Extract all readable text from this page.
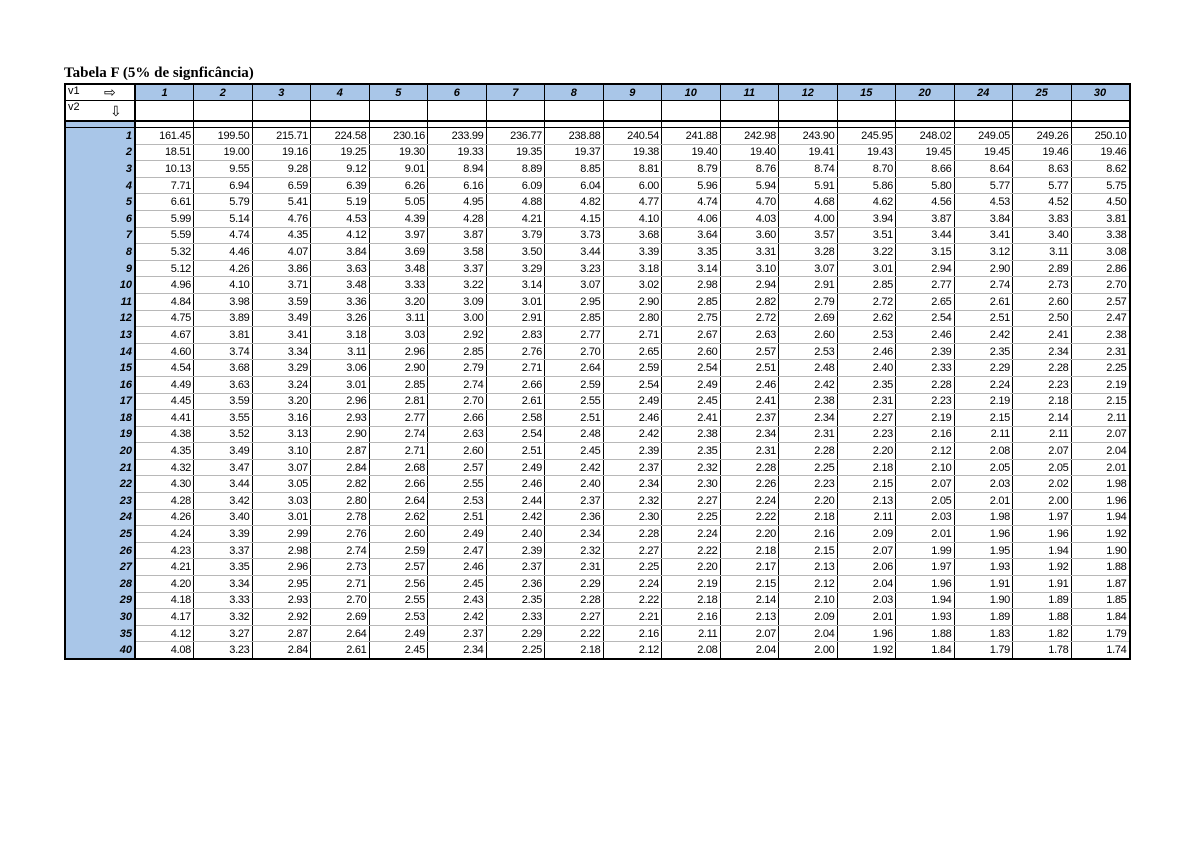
Tabela F (5% de signficância)
v1 ⇨	1	2	3	4	5	6	7	8	9	10	11	12	15	20	24	25	30

v2 ⇩																	

1	161.45	199.50	215.71	224.58	230.16	233.99	236.77	238.88	240.54	241.88	242.98	243.90	245.95	248.02	249.05	249.26	250.10
2	18.51	19.00	19.16	19.25	19.30	19.33	19.35	19.37	19.38	19.40	19.40	19.41	19.43	19.45	19.45	19.46	19.46
3	10.13	9.55	9.28	9.12	9.01	8.94	8.89	8.85	8.81	8.79	8.76	8.74	8.70	8.66	8.64	8.63	8.62
4	7.71	6.94	6.59	6.39	6.26	6.16	6.09	6.04	6.00	5.96	5.94	5.91	5.86	5.80	5.77	5.77	5.75
5	6.61	5.79	5.41	5.19	5.05	4.95	4.88	4.82	4.77	4.74	4.70	4.68	4.62	4.56	4.53	4.52	4.50
6	5.99	5.14	4.76	4.53	4.39	4.28	4.21	4.15	4.10	4.06	4.03	4.00	3.94	3.87	3.84	3.83	3.81
7	5.59	4.74	4.35	4.12	3.97	3.87	3.79	3.73	3.68	3.64	3.60	3.57	3.51	3.44	3.41	3.40	3.38
8	5.32	4.46	4.07	3.84	3.69	3.58	3.50	3.44	3.39	3.35	3.31	3.28	3.22	3.15	3.12	3.11	3.08
9	5.12	4.26	3.86	3.63	3.48	3.37	3.29	3.23	3.18	3.14	3.10	3.07	3.01	2.94	2.90	2.89	2.86
10	4.96	4.10	3.71	3.48	3.33	3.22	3.14	3.07	3.02	2.98	2.94	2.91	2.85	2.77	2.74	2.73	2.70
11	4.84	3.98	3.59	3.36	3.20	3.09	3.01	2.95	2.90	2.85	2.82	2.79	2.72	2.65	2.61	2.60	2.57
12	4.75	3.89	3.49	3.26	3.11	3.00	2.91	2.85	2.80	2.75	2.72	2.69	2.62	2.54	2.51	2.50	2.47
13	4.67	3.81	3.41	3.18	3.03	2.92	2.83	2.77	2.71	2.67	2.63	2.60	2.53	2.46	2.42	2.41	2.38
14	4.60	3.74	3.34	3.11	2.96	2.85	2.76	2.70	2.65	2.60	2.57	2.53	2.46	2.39	2.35	2.34	2.31
15	4.54	3.68	3.29	3.06	2.90	2.79	2.71	2.64	2.59	2.54	2.51	2.48	2.40	2.33	2.29	2.28	2.25
16	4.49	3.63	3.24	3.01	2.85	2.74	2.66	2.59	2.54	2.49	2.46	2.42	2.35	2.28	2.24	2.23	2.19
17	4.45	3.59	3.20	2.96	2.81	2.70	2.61	2.55	2.49	2.45	2.41	2.38	2.31	2.23	2.19	2.18	2.15
18	4.41	3.55	3.16	2.93	2.77	2.66	2.58	2.51	2.46	2.41	2.37	2.34	2.27	2.19	2.15	2.14	2.11
19	4.38	3.52	3.13	2.90	2.74	2.63	2.54	2.48	2.42	2.38	2.34	2.31	2.23	2.16	2.11	2.11	2.07
20	4.35	3.49	3.10	2.87	2.71	2.60	2.51	2.45	2.39	2.35	2.31	2.28	2.20	2.12	2.08	2.07	2.04
21	4.32	3.47	3.07	2.84	2.68	2.57	2.49	2.42	2.37	2.32	2.28	2.25	2.18	2.10	2.05	2.05	2.01
22	4.30	3.44	3.05	2.82	2.66	2.55	2.46	2.40	2.34	2.30	2.26	2.23	2.15	2.07	2.03	2.02	1.98
23	4.28	3.42	3.03	2.80	2.64	2.53	2.44	2.37	2.32	2.27	2.24	2.20	2.13	2.05	2.01	2.00	1.96
24	4.26	3.40	3.01	2.78	2.62	2.51	2.42	2.36	2.30	2.25	2.22	2.18	2.11	2.03	1.98	1.97	1.94
25	4.24	3.39	2.99	2.76	2.60	2.49	2.40	2.34	2.28	2.24	2.20	2.16	2.09	2.01	1.96	1.96	1.92
26	4.23	3.37	2.98	2.74	2.59	2.47	2.39	2.32	2.27	2.22	2.18	2.15	2.07	1.99	1.95	1.94	1.90
27	4.21	3.35	2.96	2.73	2.57	2.46	2.37	2.31	2.25	2.20	2.17	2.13	2.06	1.97	1.93	1.92	1.88
28	4.20	3.34	2.95	2.71	2.56	2.45	2.36	2.29	2.24	2.19	2.15	2.12	2.04	1.96	1.91	1.91	1.87
29	4.18	3.33	2.93	2.70	2.55	2.43	2.35	2.28	2.22	2.18	2.14	2.10	2.03	1.94	1.90	1.89	1.85
30	4.17	3.32	2.92	2.69	2.53	2.42	2.33	2.27	2.21	2.16	2.13	2.09	2.01	1.93	1.89	1.88	1.84
35	4.12	3.27	2.87	2.64	2.49	2.37	2.29	2.22	2.16	2.11	2.07	2.04	1.96	1.88	1.83	1.82	1.79
40	4.08	3.23	2.84	2.61	2.45	2.34	2.25	2.18	2.12	2.08	2.04	2.00	1.92	1.84	1.79	1.78	1.74
